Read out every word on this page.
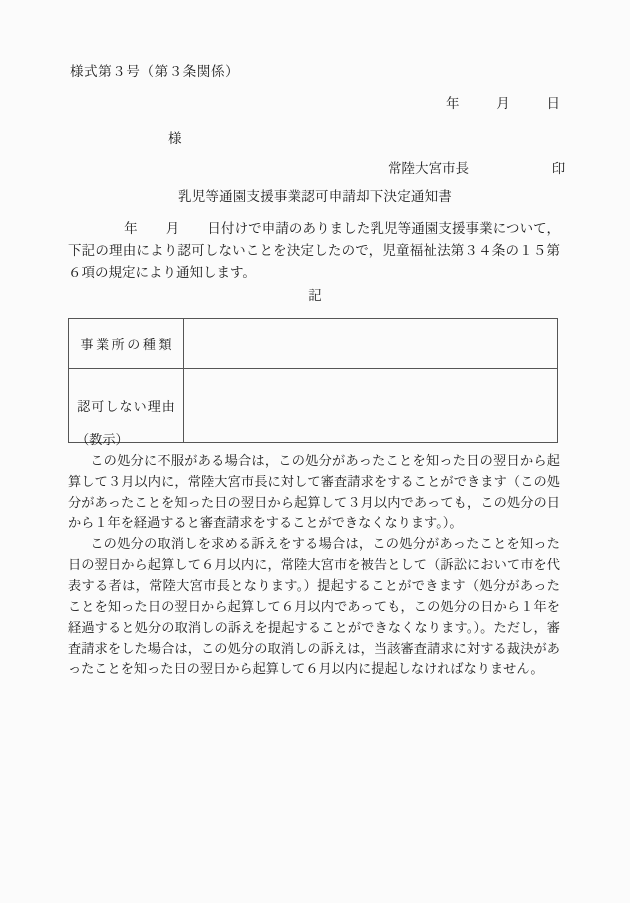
様式第３号（第３条関係）
年	月	日
様
常陸大宮市長	印
乳児等通園支援事業認可申請却下決定通知書
年 月 日付けで申請のありました乳児等通園支援事業について，下記の理由により認可しないことを決定したので，児童福祉法第３４条の１５第６項の規定により通知します。
記
事業所の種類	
認可しない理由	
（教示）

この処分に不服がある場合は，この処分があったことを知った日の翌日から起算して３月以内に，常陸大宮市長に対して審査請求をすることができます（この処分があったことを知った日の翌日から起算して３月以内であっても，この処分の日から１年を経過すると審査請求をすることができなくなります。）。

この処分の取消しを求める訴えをする場合は，この処分があったことを知った日の翌日から起算して６月以内に，常陸大宮市を被告として（訴訟において市を代表する者は，常陸大宮市長となります。）提起することができます（処分があったことを知った日の翌日から起算して６月以内であっても，この処分の日から１年を経過すると処分の取消しの訴えを提起することができなくなります。）。ただし，審査請求をした場合は，この処分の取消しの訴えは，当該審査請求に対する裁決があったことを知った日の翌日から起算して６月以内に提起しなければなりません。
